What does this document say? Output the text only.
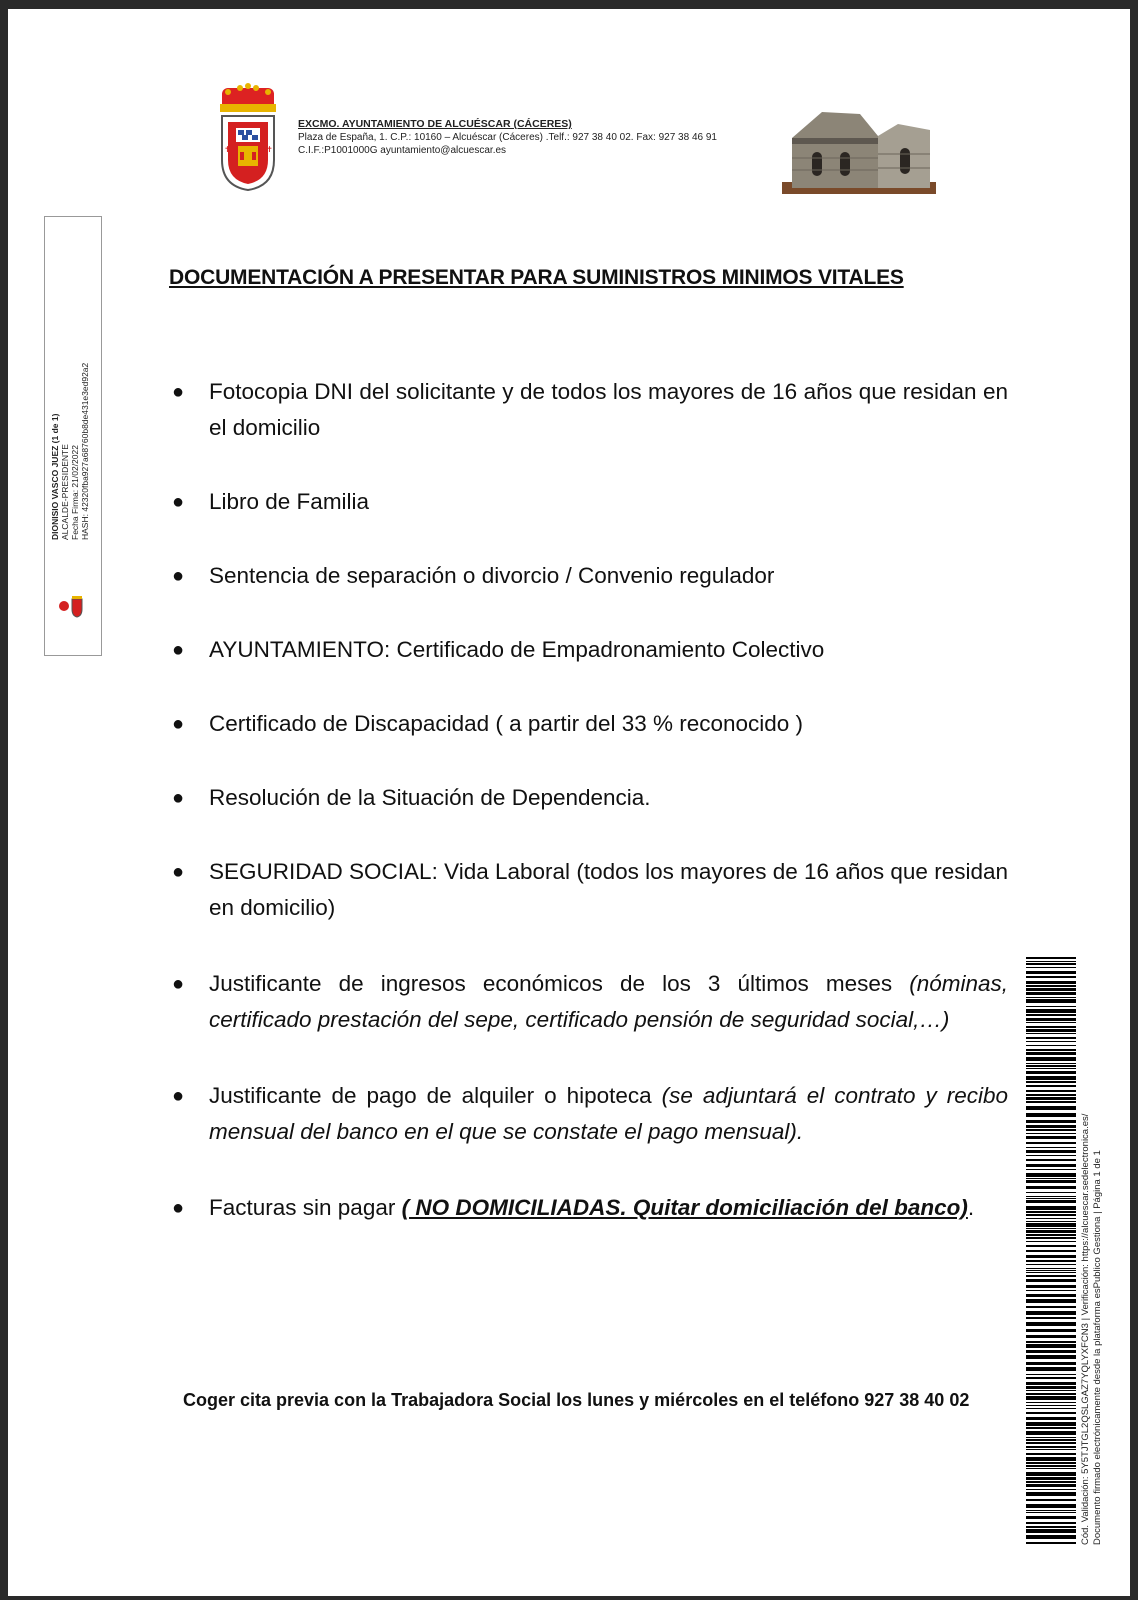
✝	✝
EXCMO. AYUNTAMIENTO DE ALCUÉSCAR (CÁCERES)
Plaza de España, 1. C.P.: 10160 – Alcuéscar (Cáceres) .Telf.: 927 38 40 02. Fax: 927 38 46 91
C.I.F.:P1001000G ayuntamiento@alcuescar.es
DIONISIO VASCO JUEZ (1 de 1) ALCALDE-PRESIDENTE Fecha Firma: 21/02/2022 HASH: 42320fba927a68760b8de431e3ed92a2
DOCUMENTACIÓN A PRESENTAR PARA SUMINISTROS MINIMOS VITALES
● Fotocopia DNI del solicitante y de todos los mayores de 16 años que residan en el domicilio
● Libro de Familia
● Sentencia de separación o divorcio / Convenio regulador
● AYUNTAMIENTO: Certificado de Empadronamiento Colectivo
● Certificado de Discapacidad ( a partir del 33 % reconocido )
● Resolución de la Situación de Dependencia.
● SEGURIDAD SOCIAL: Vida Laboral (todos los mayores de 16 años que residan en domicilio)
● Justificante de ingresos económicos de los 3 últimos meses (nóminas, certificado prestación del sepe, certificado pensión de seguridad social,…)
● Justificante de pago de alquiler o hipoteca (se adjuntará el contrato y recibo mensual del banco en el que se constate el pago mensual).
● Facturas sin pagar ( NO DOMICILIADAS. Quitar domiciliación del banco).
Coger cita previa con la Trabajadora Social los lunes y miércoles en el teléfono 927 38 40 02	Cód. Validación: 5Y5TJTGL2QSLGAZ7YQLYXFCN3 | Verificación: https://alcuescar.sedelectronica.es/ Documento firmado electrónicamente desde la plataforma esPublico Gestiona | Página 1 de 1
